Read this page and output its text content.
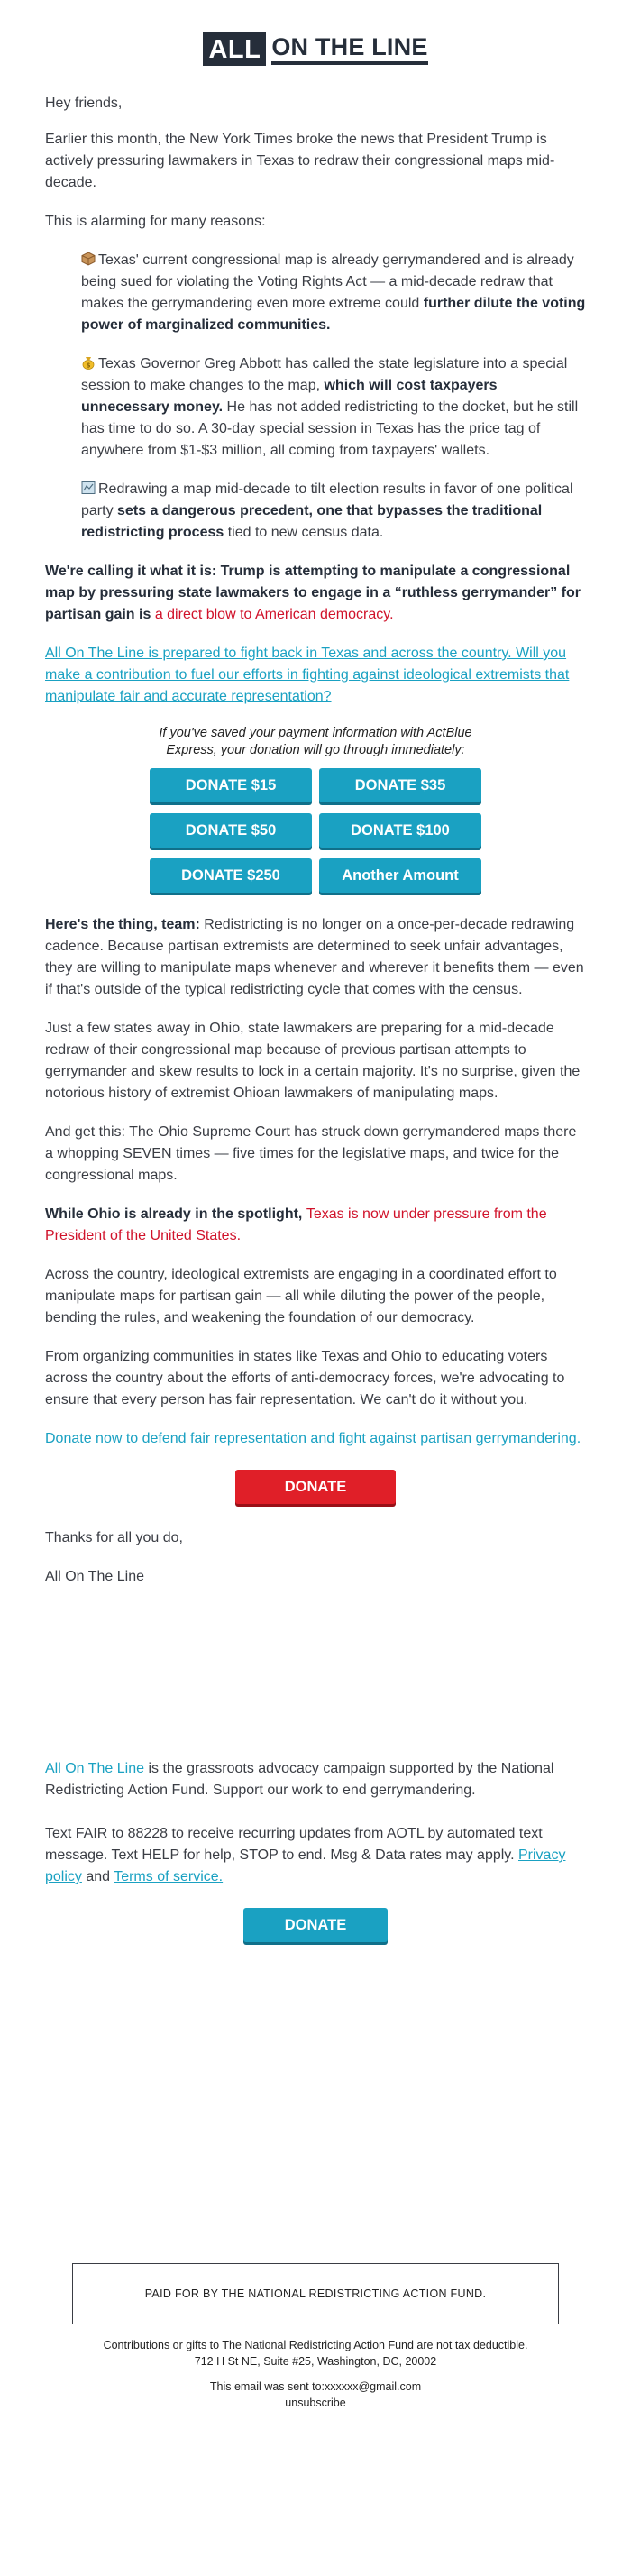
ALL ON THE LINE

Hey friends,

Earlier this month, the New York Times broke the news that President Trump is actively pressuring lawmakers in Texas to redraw their congressional maps mid-decade.

This is alarming for many reasons:

Texas' current congressional map is already gerrymandered and is already being sued for violating the Voting Rights Act — a mid-decade redraw that makes the gerrymandering even more extreme could further dilute the voting power of marginalized communities.

$ Texas Governor Greg Abbott has called the state legislature into a special session to make changes to the map, which will cost taxpayers unnecessary money. He has not added redistricting to the docket, but he still has time to do so. A 30-day special session in Texas has the price tag of anywhere from $1-$3 million, all coming from taxpayers' wallets.

Redrawing a map mid-decade to tilt election results in favor of one political party sets a dangerous precedent, one that bypasses the traditional redistricting process tied to new census data.

We're calling it what it is: Trump is attempting to manipulate a congressional map by pressuring state lawmakers to engage in a “ruthless gerrymander” for partisan gain is a direct blow to American democracy.

All On The Line is prepared to fight back in Texas and across the country. Will you make a contribution to fuel our efforts in fighting against ideological extremists that manipulate fair and accurate representation?

If you've saved your payment information with ActBlue Express, your donation will go through immediately:
DONATE $15	DONATE $35
DONATE $50	DONATE $100
DONATE $250	Another Amount

Here's the thing, team: Redistricting is no longer on a once-per-decade redrawing cadence. Because partisan extremists are determined to seek unfair advantages, they are willing to manipulate maps whenever and wherever it benefits them — even if that's outside of the typical redistricting cycle that comes with the census.

Just a few states away in Ohio, state lawmakers are preparing for a mid-decade redraw of their congressional map because of previous partisan attempts to gerrymander and skew results to lock in a certain majority. It's no surprise, given the notorious history of extremist Ohioan lawmakers of manipulating maps.

And get this: The Ohio Supreme Court has struck down gerrymandered maps there a whopping SEVEN times — five times for the legislative maps, and twice for the congressional maps.

While Ohio is already in the spotlight, Texas is now under pressure from the President of the United States.

Across the country, ideological extremists are engaging in a coordinated effort to manipulate maps for partisan gain — all while diluting the power of the people, bending the rules, and weakening the foundation of our democracy.

From organizing communities in states like Texas and Ohio to educating voters across the country about the efforts of anti-democracy forces, we're advocating to ensure that every person has fair representation. We can't do it without you.

Donate now to defend fair representation and fight against partisan gerrymandering.

DONATE

Thanks for all you do,

All On The Line

All On The Line is the grassroots advocacy campaign supported by the National Redistricting Action Fund. Support our work to end gerrymandering.

Text FAIR to 88228 to receive recurring updates from AOTL by automated text message. Text HELP for help, STOP to end. Msg & Data rates may apply. Privacy policy and Terms of service.

DONATE
PAID FOR BY THE NATIONAL REDISTRICTING ACTION FUND.
Contributions or gifts to The National Redistricting Action Fund are not tax deductible.
712 H St NE, Suite #25, Washington, DC, 20002
This email was sent to:xxxxxx@gmail.com
unsubscribe
